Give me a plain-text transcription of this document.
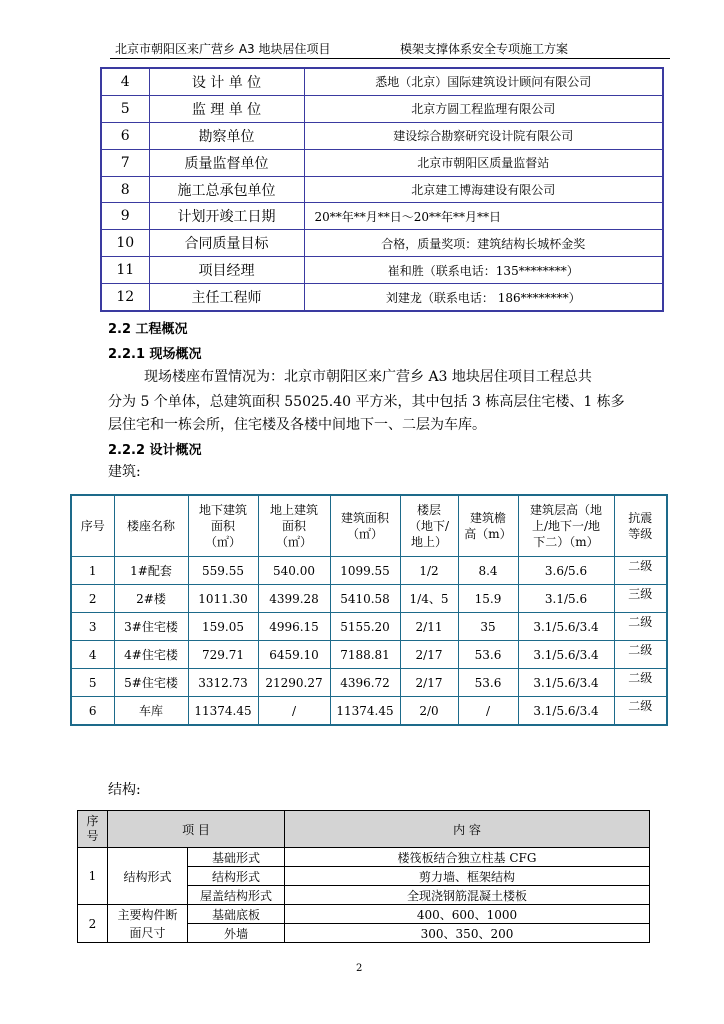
北京市朝阳区来广营乡 A3 地块居住项目	模架支撑体系安全专项施工方案
4	设 计 单 位	悉地（北京）国际建筑设计顾问有限公司
5	监 理 单 位	北京方圆工程监理有限公司
6	勘察单位	建设综合勘察研究设计院有限公司
7	质量监督单位	北京市朝阳区质量监督站
8	施工总承包单位	北京建工博海建设有限公司
9	计划开竣工日期	20**年**月**日～20**年**月**日
10	合同质量目标	合格，质量奖项：建筑结构长城杯金奖
11	项目经理	崔和胜（联系电话：135********）
12	主任工程师	刘建龙（联系电话： 186********）
2.2 工程概况
2.2.1 现场概况
现场楼座布置情况为：北京市朝阳区来广营乡 A3 地块居住项目工程总共
分为 5 个单体，总建筑面积 55025.40 平方米，其中包括 3 栋高层住宅楼、1 栋多
层住宅和一栋会所，住宅楼及各楼中间地下一、二层为车库。
2.2.2 设计概况
建筑:
序号	楼座名称	地下建筑
面积
（㎡）	地上建筑
面积
（㎡）	建筑面积
（㎡）	楼层
（地下/
地上）	建筑檐
高（m）	建筑层高（地
上/地下一/地
下二）（m）	抗震
等级
1	1#配套	559.55	540.00	1099.55	1/2	8.4	3.6/5.6	二级
2	2#楼	1011.30	4399.28	5410.58	1/4、5	15.9	3.1/5.6	三级
3	3#住宅楼	159.05	4996.15	5155.20	2/11	35	3.1/5.6/3.4	二级
4	4#住宅楼	729.71	6459.10	7188.81	2/17	53.6	3.1/5.6/3.4	二级
5	5#住宅楼	3312.73	21290.27	4396.72	2/17	53.6	3.1/5.6/3.4	二级
6	车库	11374.45	/	11374.45	2/0	/	3.1/5.6/3.4	二级
结构:
序号	项 目		内 容
1	结构形式	基础形式	楼筏板结合独立柱基 CFG
		结构形式	剪力墙、框架结构
		屋盖结构形式	全现浇钢筋混凝土楼板
2	主要构件断
面尺寸	基础底板	400、600、1000
		外墙	300、350、200
2
